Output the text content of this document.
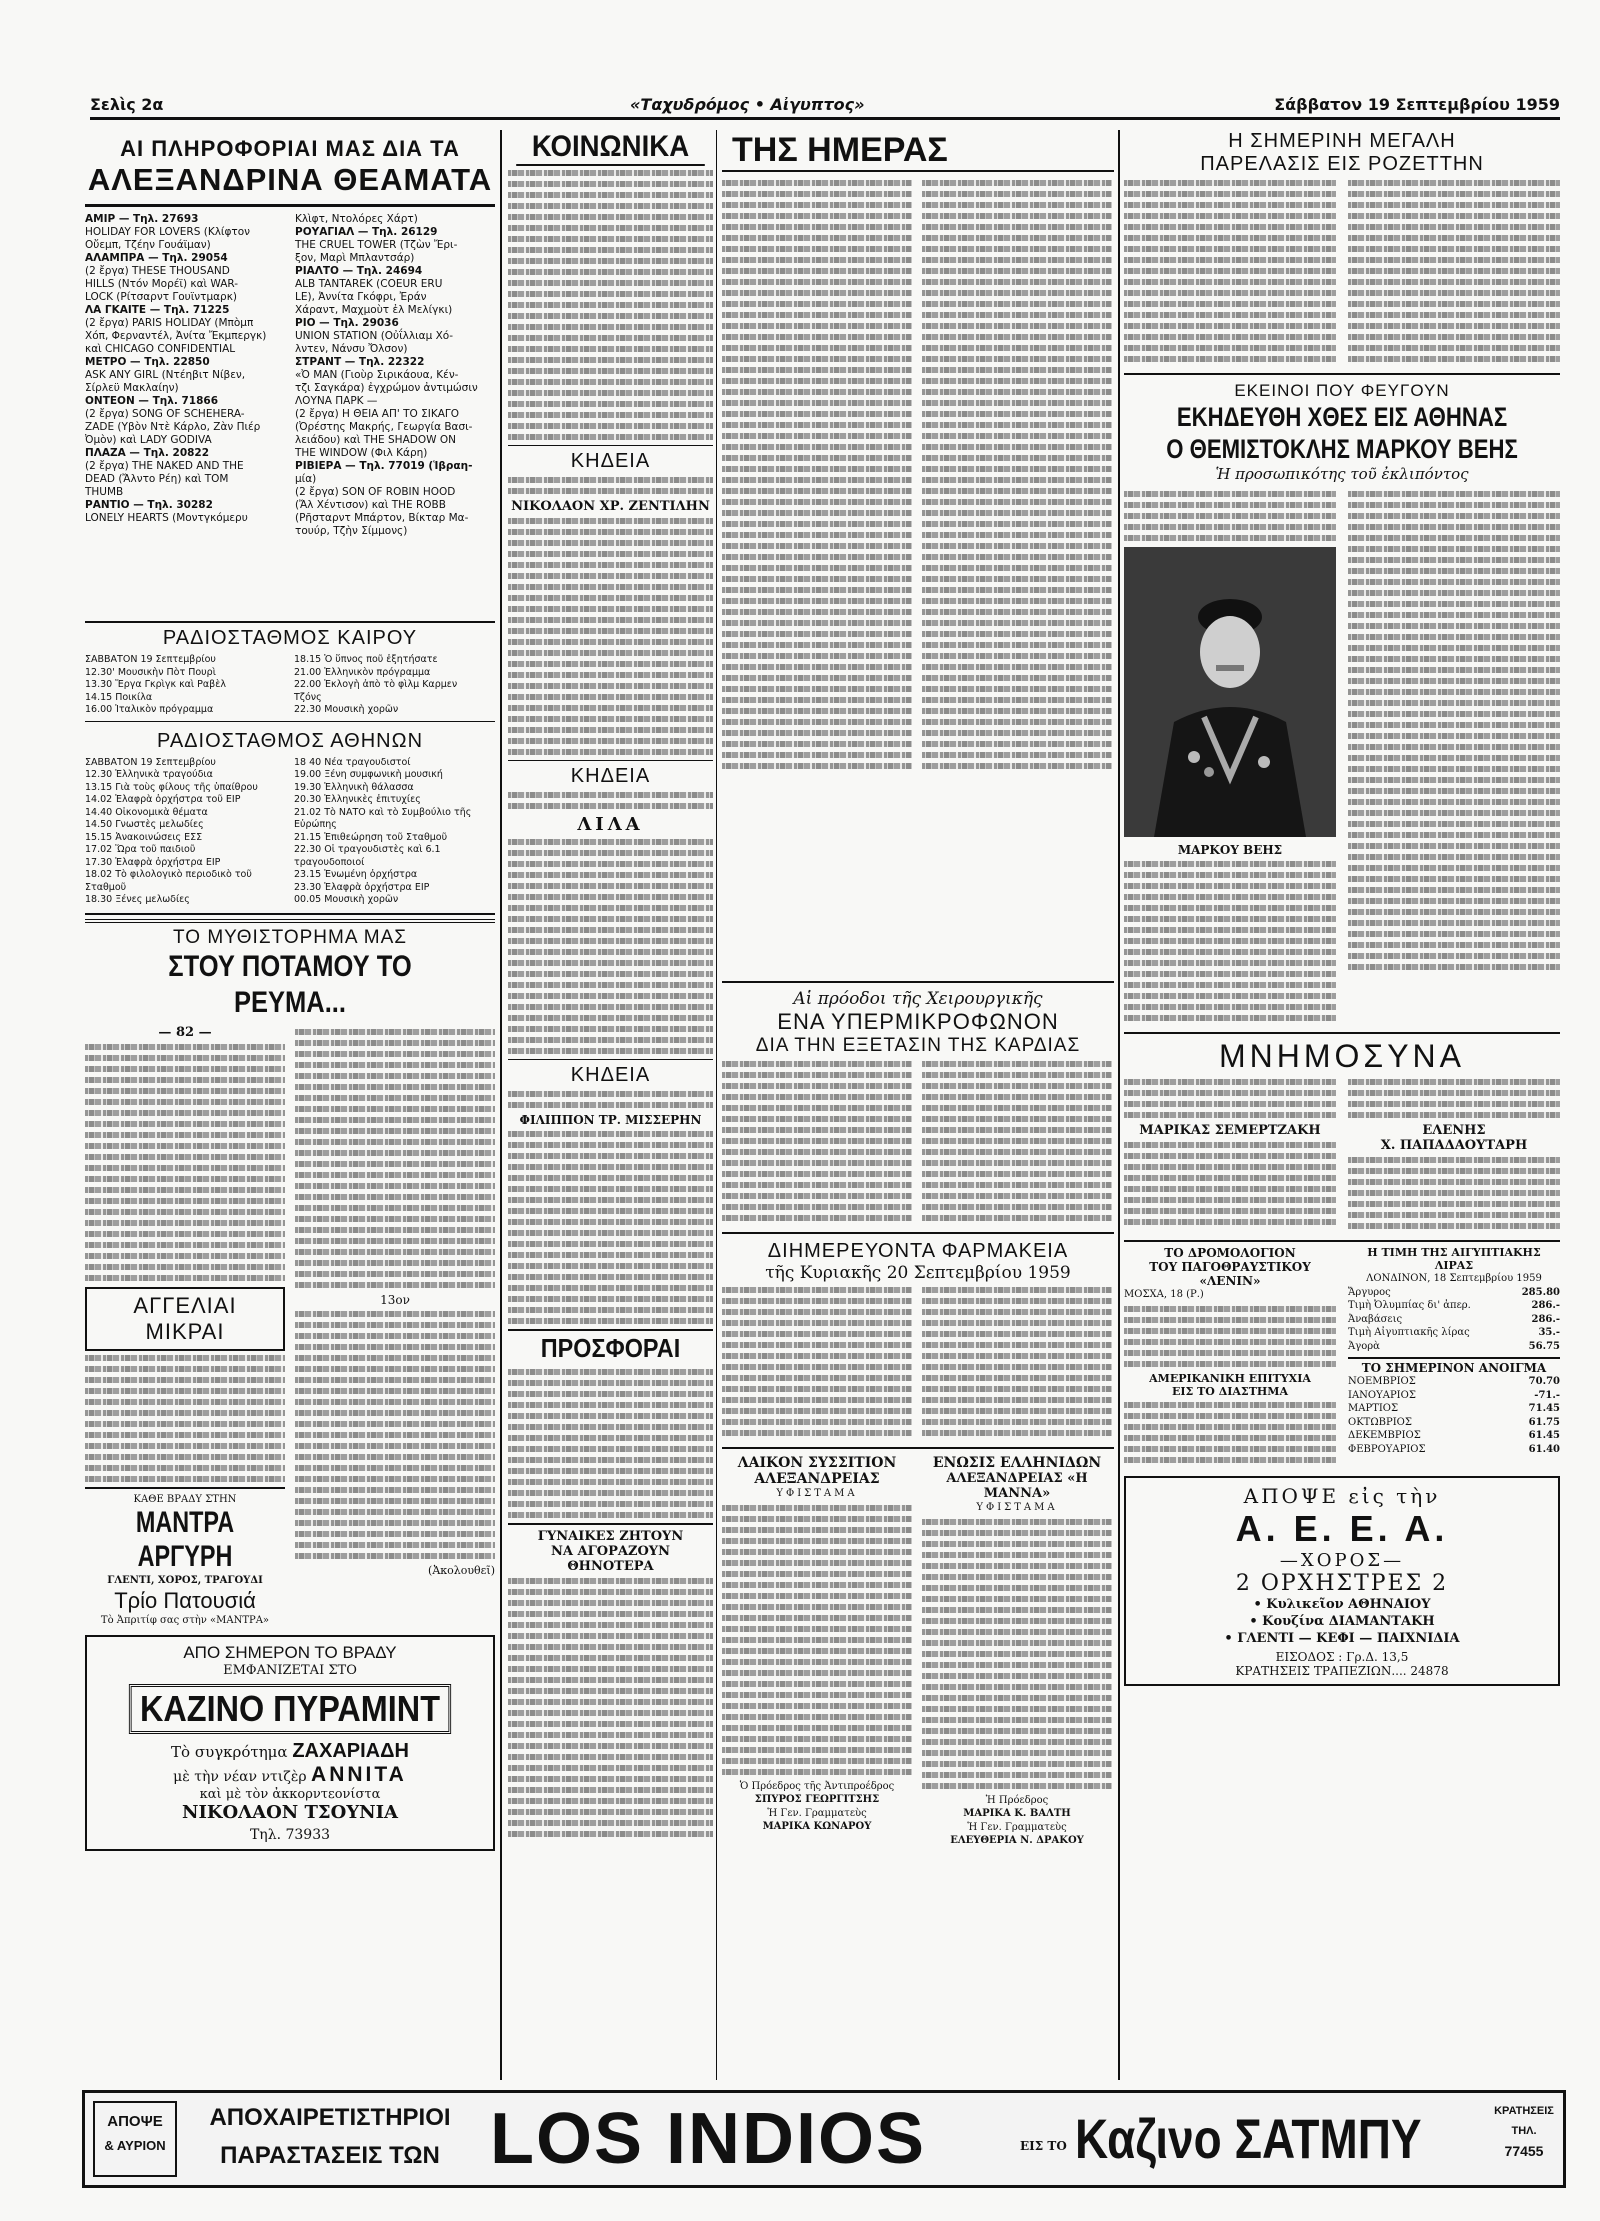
Σελὶς 2α	«Ταχυδρόμος • Αἰγυπτος»	Σάββατον 19 Σεπτεμβρίου 1959
ΑΙ ΠΛΗΡΟΦΟΡΙΑΙ ΜΑΣ ΔΙΑ ΤΑ
ΑΛΕΞΑΝΔΡΙΝΑ ΘΕΑΜΑΤΑ
AMIP — Τηλ. 27693
HOLIDAY FOR LOVERS (Κλίφτον
Οὔεμπ, Τζέην Γουάϊμαν)
ΑΛΑΜΠΡΑ — Τηλ. 29054
(2 ἔργα) THESE THOUSAND
HILLS (Ντόν Μορέϊ) καὶ WAR-
LOCK (Ρίτσαρντ Γουϊντμαρκ)
ΛΑ ΓΚΑΙΤΕ — Τηλ. 71225
(2 ἔργα) PARIS HOLIDAY (Μπὸμπ
Χόπ, Φερναντέλ, Ἀνίτα Ἔκμπεργκ)
καὶ CHICAGO CONFIDENTIAL
ΜΕΤΡΟ — Τηλ. 22850
ASK ANY GIRL (Ντέηβιτ Νίβεν,
Σίρλεϋ Μακλαίην)
ΟΝΤΕΟΝ — Τηλ. 71866
(2 ἔργα) SONG OF SCHEHERA-
ZADE (Υβὸν Ντὲ Κάρλο, Ζὰν Πιέρ
Ὀμὸν) καὶ LADY GODIVA
ΠΛΑΖΑ — Τηλ. 20822
(2 ἔργα) THE NAKED AND THE
DEAD (Ἄλντο Ρέη) καὶ TOM
THUMB
ΡΑΝΤΙΟ — Τηλ. 30282
LONELY HEARTS (Μοντγκόμερυ
Κλὶφτ, Ντολόρες Χάρτ)
ΡΟΥΑΓΙΑΛ — Τηλ. 26129
THE CRUEL TOWER (Τζὼν Ἔρι-
ξον, Μαρὶ Μπλαντσάρ)
ΡΙΑΛΤΟ — Τηλ. 24694
ALB TANTAREK (COEUR ERU
LE), Ἀννίτα Γκόφρι, Ἐράν
Χάραντ, Μαχμοὺτ ἐλ Μελίγκι)
ΡΙΟ — Τηλ. 29036
UNION STATION (Οὐΐλλιαμ Χό-
λντεν, Νάνσυ Ὄλσον)
ΣΤΡΑΝΤ — Τηλ. 22322
«Ὀ ΜΑΝ (Γιοὺρ Σιρικάουα, Κέν-
τζι Σαγκάρα) ἐγχρώμον ἀντιμώσιν
ΛΟΥΝΑ ΠΑΡΚ —
(2 ἔργα) Η ΘΕΙΑ ΑΠ' ΤΟ ΣΙΚΑΓΟ
(Ὀρέστης Μακρής, Γεωργία Βασι-
λειάδου) καὶ THE SHADOW ON
THE WINDOW (Φιλ Κάρη)
ΡΙΒΙΕΡΑ — Τηλ. 77019 (Ἱβραη-
μία)
(2 ἔργα) SON OF ROBIN HOOD
(Ἄλ Χέντισον) καὶ THE ROBB
(Ρῆσταρντ Μπάρτον, Βίκταρ Μα-
τουύρ, Τζὴν Σίμμονς)
ΡΑΔΙΟΣΤΑΘΜΟΣ ΚΑΙΡΟΥ
ΣΑΒΒΑΤΟΝ 19 Σεπτεμβρίου
12.30' Μουσικὴν Πὸτ Πουρὶ
13.30 Ἔργα Γκρὶγκ καὶ Ραβὲλ
14.15 Ποικίλα
16.00 Ἰταλικὸν πρόγραμμα
18.15 Ὁ ὕπνος ποῦ ἐξητήσατε
21.00 Ἑλληνικὸν πρόγραμμα
22.00 Ἐκλογὴ ἀπὸ τὸ φὶλμ Καρμεν
Τζόνς
22.30 Μουσικὴ χορῶν
ΡΑΔΙΟΣΤΑΘΜΟΣ ΑΘΗΝΩΝ
ΣΑΒΒΑΤΟΝ 19 Σεπτεμβρίου
12.30 Ἑλληνικὰ τραγούδια
13.15 Γιὰ τοὺς φίλους τῆς ὑπαίθρου
14.02 Ἐλαφρὰ ὀρχήστρα τοῦ ΕΙΡ
14.40 Οἰκονομικὰ θέματα
14.50 Γνωστὲς μελωδίες
15.15 Ἀνακοινώσεις ΕΣΣ
17.02 Ὥρα τοῦ παιδιοῦ
17.30 Ἐλαφρὰ ὀρχήστρα ΕΙΡ
18.02 Τὸ φιλολογικὸ περιοδικὸ τοῦ
Σταθμοῦ
18.30 Ξένες μελωδίες
18 40 Νέα τραγουδιστοί
19.00 Ξένη συμφωνικὴ μουσική
19.30 Ἑλληνικὴ θάλασσα
20.30 Ἑλληνικὲς ἐπιτυχίες
21.02 Τὸ ΝΑΤΟ καὶ τὸ Συμβούλιο τῆς
Εὐρώπης
21.15 Ἐπιθεώρηση τοῦ Σταθμοῦ
22.30 Οἱ τραγουδιστὲς καὶ 6.1
τραγουδοποιοί
23.15 Ἑνωμένη ὀρχήστρα
23.30 Ἐλαφρὰ ὀρχήστρα ΕΙΡ
00.05 Μουσικὴ χορῶν
ΤΟ ΜΥΘΙΣΤΟΡΗΜΑ ΜΑΣ
ΣΤΟΥ ΠΟΤΑΜΟΥ ΤΟ ΡΕΥΜΑ...
— 82 —
ΑΓΓΕΛΙΑΙ
ΜΙΚΡΑΙ
ΚΑΘΕ ΒΡΑΔΥ ΣΤΗΝ
ΜΑΝΤΡΑ ΑΡΓΥΡΗ
ΓΛΕΝΤΙ, ΧΟΡΟΣ, ΤΡΑΓΟΥΔΙ
Τρίο Πατουσιά
Τὸ Ἀπριτίφ σας στὴν «ΜΑΝΤΡΑ»
13ον
(Ἀκολουθεῖ)
ΑΠΟ ΣΗΜΕΡΟΝ ΤΟ ΒΡΑΔΥ
ΕΜΦΑΝΙΖΕΤΑΙ ΣΤΟ
ΚΑΖΙΝΟ ΠΥΡΑΜΙΝΤ
Τὸ συγκρότημα ΖΑΧΑΡΙΑΔΗ
μὲ τὴν νέαν ντιζὲρ ΑΝΝΙΤΑ
καὶ μὲ τὸν ἀκκορντεονίστα
ΝΙΚΟΛΑΟΝ ΤΣΟΥΝΙΑ
Τηλ. 73933
ΚΟΙΝΩΝΙΚΑ
ΚΗΔΕΙΑ
ΝΙΚΟΛΑΟΝ ΧΡ. ΖΕΝΤΙΛΗΝ
ΚΗΔΕΙΑ
ΛΙΛΑ
ΚΗΔΕΙΑ
ΦΙΛΙΠΠΟΝ ΤΡ. ΜΙΣΣΕΡΗΝ
ΠΡΟΣΦΟΡΑΙ
ΓΥΝΑΙΚΕΣ ΖΗΤΟΥΝ
ΝΑ ΑΓΟΡΑΖΟΥΝ ΘΗΝΟΤΕΡΑ
ΤΗΣ ΗΜΕΡΑΣ
Αἱ πρόοδοι τῆς Χειρουργικῆς
ΕΝΑ ΥΠΕΡΜΙΚΡΟΦΩΝΟΝ
ΔΙΑ ΤΗΝ ΕΞΕΤΑΣΙΝ ΤΗΣ ΚΑΡΔΙΑΣ
ΔΙΗΜΕΡΕΥΟΝΤΑ ΦΑΡΜΑΚΕΙΑ
τῆς Κυριακῆς 20 Σεπτεμβρίου 1959
ΛΑΙΚΟΝ ΣΥΣΣΙΤΙΟΝ
ΑΛΕΞΑΝΔΡΕΙΑΣ
ΥΦΙΣΤΑΜΑ
Ὁ Πρόεδρος τῆς Ἀντιπροέδρος
ΣΠΥΡΟΣ ΓΕΩΡΓΙΤΣΗΣ
Ἡ Γεν. Γραμματεὺς
ΜΑΡΙΚΑ ΚΩΝΑΡΟΥ
ΕΝΩΣΙΣ ΕΛΛΗΝΙΔΩΝ
ΑΛΕΞΑΝΔΡΕΙΑΣ «Η ΜΑΝΝΑ»
ΥΦΙΣΤΑΜΑ
Ἡ Πρόεδρος
ΜΑΡΙΚΑ Κ. ΒΑΛΤΗ
Ἡ Γεν. Γραμματεὺς
ΕΛΕΥΘΕΡΙΑ Ν. ΔΡΑΚΟΥ
Η ΣΗΜΕΡΙΝΗ ΜΕΓΑΛΗ
ΠΑΡΕΛΑΣΙΣ ΕΙΣ ΡΟΖΕΤΤΗΝ
ΕΚΕΙΝΟΙ ΠΟΥ ΦΕΥΓΟΥΝ
ΕΚΗΔΕΥΘΗ ΧΘΕΣ ΕΙΣ ΑΘΗΝΑΣ
Ο ΘΕΜΙΣΤΟΚΛΗΣ ΜΑΡΚΟΥ ΒΕΗΣ
Ἡ προσωπικότης τοῦ ἐκλιπόντος
ΜΑΡΚΟΥ ΒΕΗΣ
ΜΝΗΜΟΣΥΝΑ
ΜΑΡΙΚΑΣ ΣΕΜΕΡΤΖΑΚΗ	ΕΛΕΝΗΣ
Χ. ΠΑΠΑΔΑΟΥΤΑΡΗ
ΤΟ ΔΡΟΜΟΛΟΓΙΟΝ
ΤΟΥ ΠΑΓΟΘΡΑΥΣΤΙΚΟΥ «ΛΕΝΙΝ»
ΜΟΣΧΑ, 18 (Ρ.)
ΑΜΕΡΙΚΑΝΙΚΗ ΕΠΙΤΥΧΙΑ
ΕΙΣ ΤΟ ΔΙΑΣΤΗΜΑ
Η ΤΙΜΗ ΤΗΣ ΑΙΓΥΠΤΙΑΚΗΣ ΛΙΡΑΣ
ΛΟΝΔΙΝΟΝ, 18 Σεπτεμβρίου 1959
Ἄργυρος	285.80
Τιμὴ Ὀλυμπίας δι' ἀπερ.	286.-
Ἀναβάσεις	286.-
Τιμὴ Αἰγυπτιακῆς λίρας	35.-
Ἀγορὰ	56.75
ΤΟ ΣΗΜΕΡΙΝΟΝ ΑΝΟΙΓΜΑ
ΝΟΕΜΒΡΙΟΣ	70.70
ΙΑΝΟΥΑΡΙΟΣ	-71.-
ΜΑΡΤΙΟΣ	71.45
ΟΚΤΩΒΡΙΟΣ	61.75
ΔΕΚΕΜΒΡΙΟΣ	61.45
ΦΕΒΡΟΥΑΡΙΟΣ	61.40
ΑΠΟΨΕ εἰς τὴν
Α. Ε. Ε. Α.
—ΧΟΡΟΣ—
2 ΟΡΧΗΣΤΡΕΣ 2
• Κυλικεῖον ΑΘΗΝΑΙΟΥ
• Κουζίνα ΔΙΑΜΑΝΤΑΚΗ
• ΓΛΕΝΤΙ — ΚΕΦΙ — ΠΑΙΧΝΙΔΙΑ
ΕΙΣΟΔΟΣ : Γρ.Δ. 13,5
ΚΡΑΤΗΣΕΙΣ ΤΡΑΠΕΖΙΩΝ.... 24878
ΑΠΟΨΕ
& ΑΥΡΙΟΝ
ΑΠΟΧΑΙΡΕΤΙΣΤΗΡΙΟΙ
ΠΑΡΑΣΤΑΣΕΙΣ ΤΩΝ LOS INDIOS	ΕΙΣ ΤΟ Καζινο ΣΑΤΜΠΥ	ΚΡΑΤΗΣΕΙΣ
ΤΗΛ.
77455
